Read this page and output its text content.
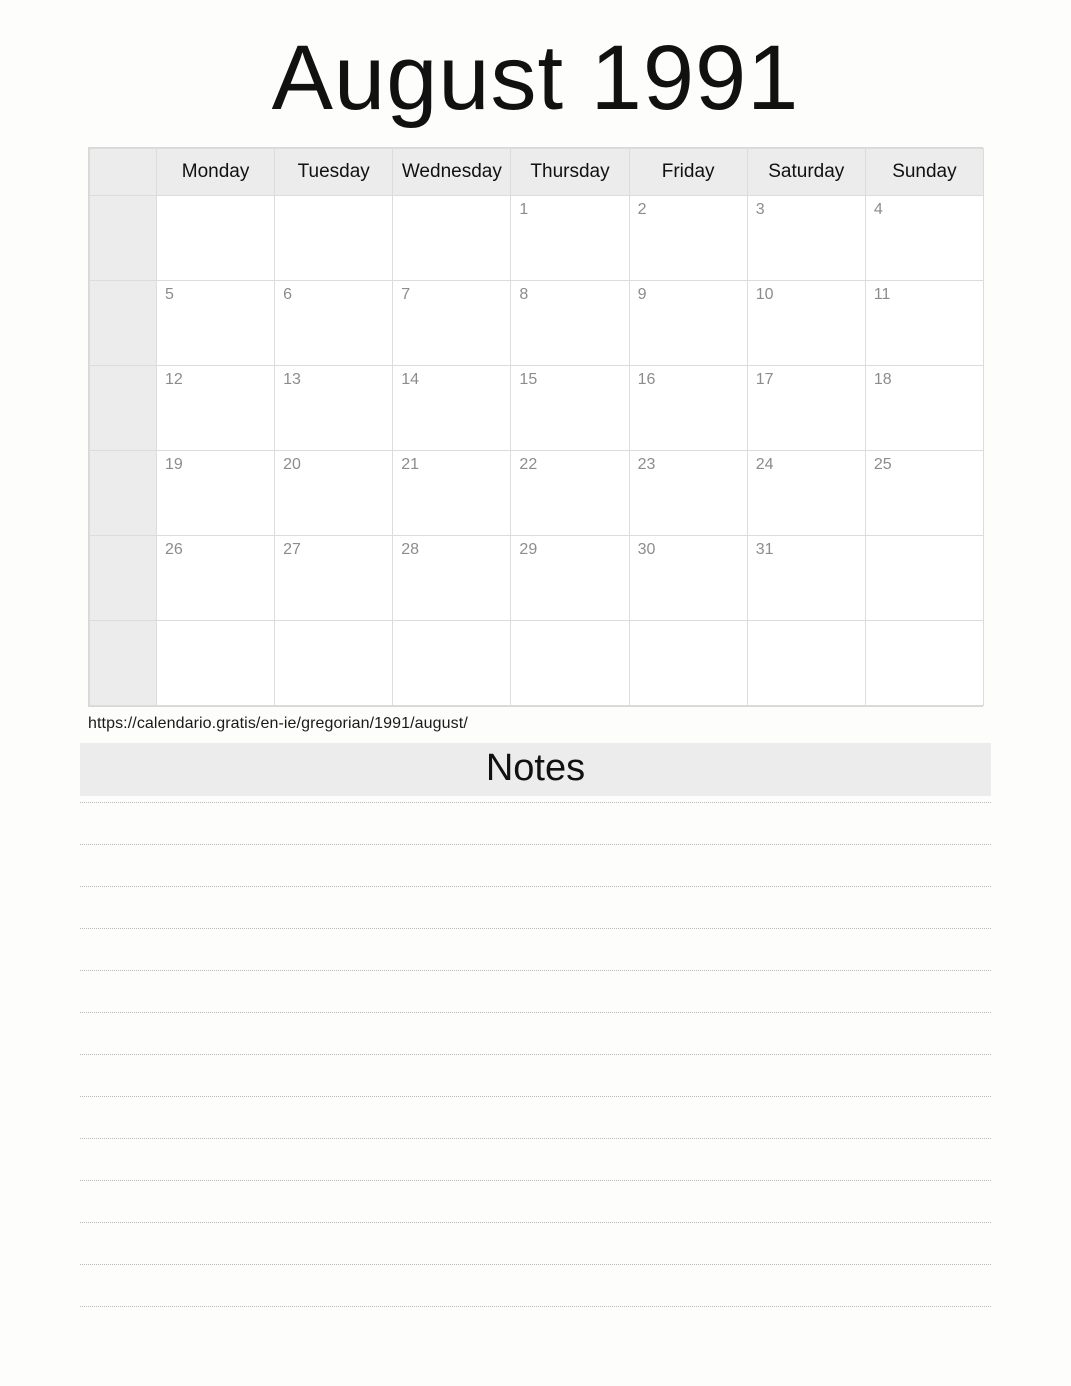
August 1991
	Monday	Tuesday	Wednesday	Thursday	Friday	Saturday	Sunday

				1	2	3	4

	5	6	7	8	9	10	11

	12	13	14	15	16	17	18

	19	20	21	22	23	24	25

	26	27	28	29	30	31	

https://calendario.gratis/en-ie/gregorian/1991/august/
Notes
